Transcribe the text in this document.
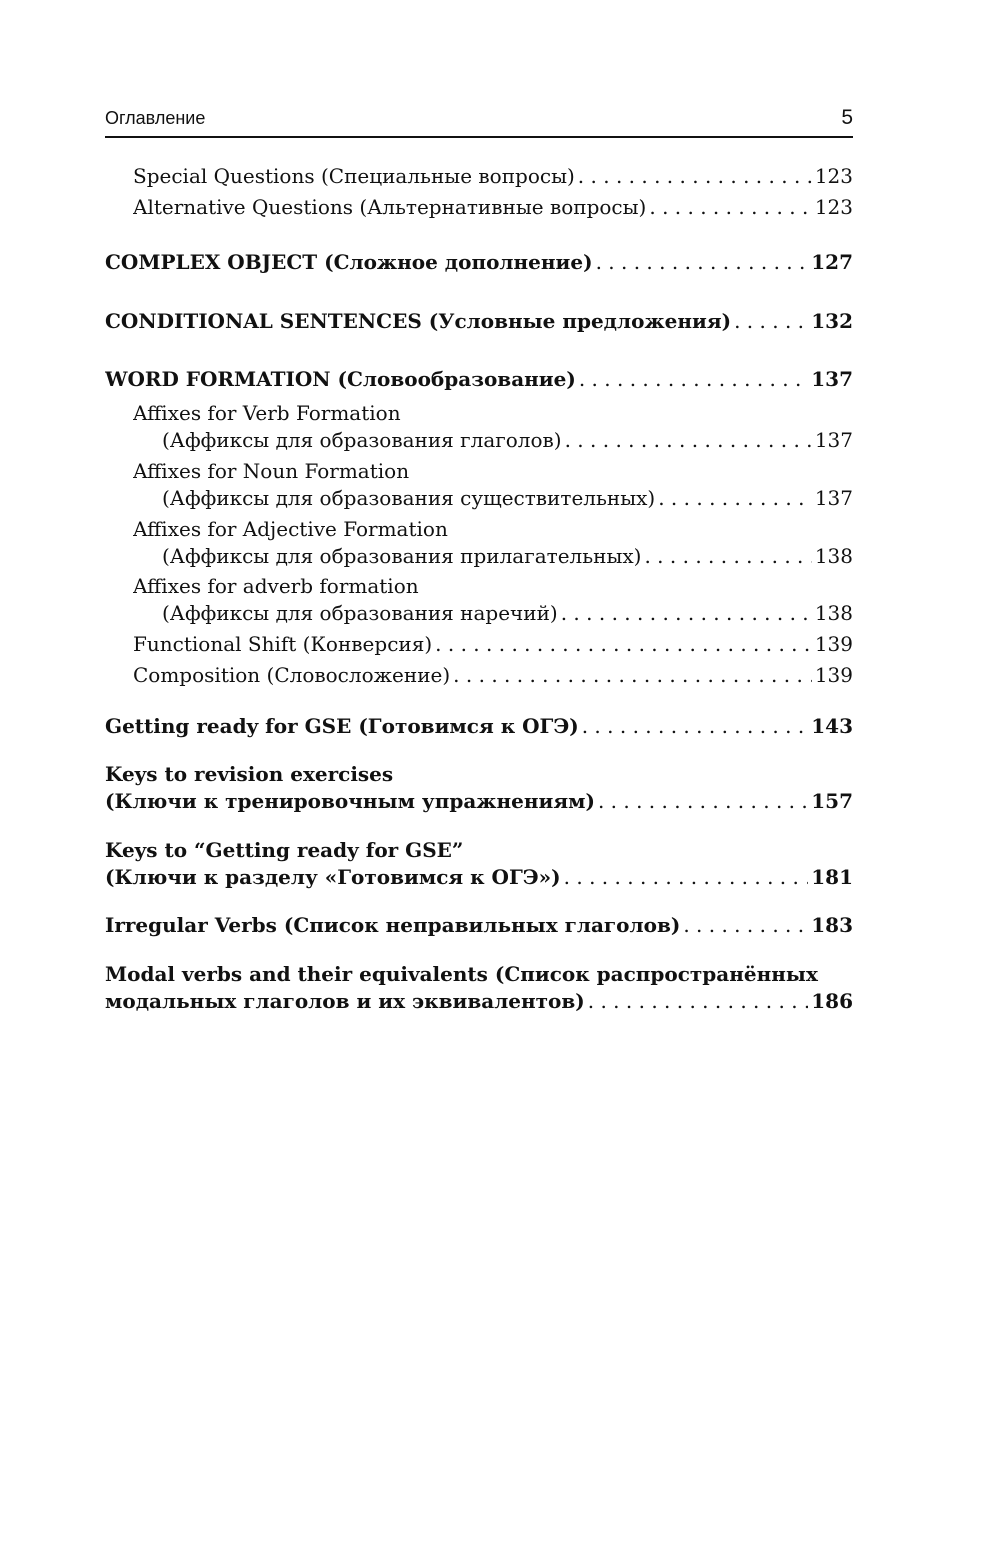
Оглавление	5
Special Questions (Специальные вопросы) . . .	123
Alternative Questions (Альтернативные вопросы) . . .	123
COMPLEX OBJECT (Сложное дополнение) . . .	127
CONDITIONAL SENTENCES (Условные предложения) . . .	132
WORD FORMATION (Словообразование) . . .	137
Affixes for Verb Formation
(Аффиксы для образования глаголов) . . .	137
Affixes for Noun Formation
(Аффиксы для образования существительных) . . .	137
Affixes for Adjective Formation
(Аффиксы для образования прилагательных) . . .	138
Affixes for adverb formation
(Аффиксы для образования наречий) . . .	138
Functional Shift (Конверсия) . . .	139
Composition (Словосложение) . . .	139
Getting ready for GSE (Готовимся к ОГЭ) . . .	143
Keys to revision exercises
(Ключи к тренировочным упражнениям) . . .	157
Keys to “Getting ready for GSE”
(Ключи к разделу «Готовимся к ОГЭ») . . .	181
Irregular Verbs (Список неправильных глаголов) . . .	183
Modal verbs and their equivalents (Список распространённых
модальных глаголов и их эквивалентов) . . .	186
